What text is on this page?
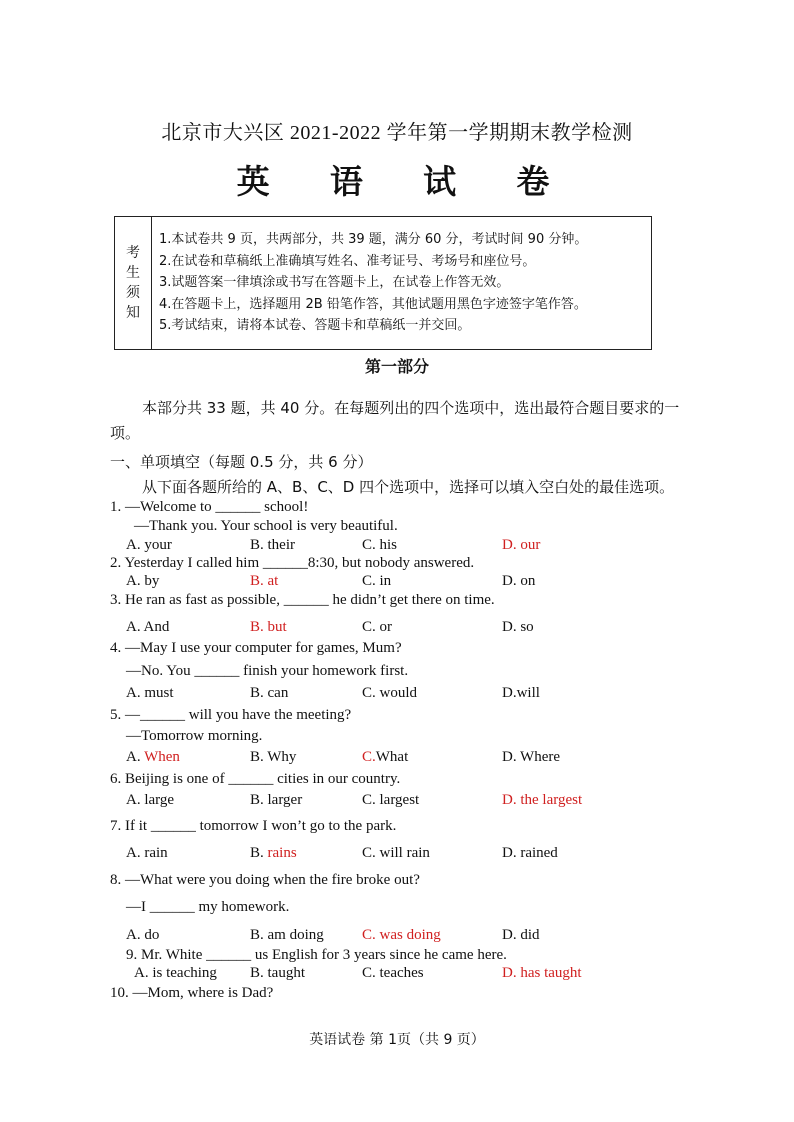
北京市大兴区 2021-2022 学年第一学期期末教学检测
英 语 试 卷
考
生
须
知
1.本试卷共 9 页，共两部分，共 39 题，满分 60 分，考试时间 90 分钟。
2.在试卷和草稿纸上准确填写姓名、准考证号、考场号和座位号。
3.试题答案一律填涂或书写在答题卡上，在试卷上作答无效。
4.在答题卡上，选择题用 2B 铅笔作答，其他试题用黑色字迹签字笔作答。
5.考试结束，请将本试卷、答题卡和草稿纸一并交回。
第一部分
本部分共 33 题，共 40 分。在每题列出的四个选项中，选出最符合题目要求的一项。
一、单项填空（每题 0.5 分，共 6 分）
从下面各题所给的 A、B、C、D 四个选项中，选择可以填入空白处的最佳选项。
1. —Welcome to ______ school!
—Thank you. Your school is very beautiful.
A. your	B. their	C. his	D. our
2. Yesterday I called him ______8:30, but nobody answered.
A. by	B. at	C. in	D. on
3. He ran as fast as possible, ______ he didn’t get there on time.
A. And	B. but	C. or	D. so
4. —May I use your computer for games, Mum?
—No. You ______ finish your homework first.
A. must	B. can	C. would	D.will
5. —______ will you have the meeting?
—Tomorrow morning.
A. When	B. Why	C.What	D. Where
6. Beijing is one of ______ cities in our country.
A. large	B. larger	C. largest	D. the largest
7. If it ______ tomorrow I won’t go to the park.
A. rain	B. rains	C. will rain	D. rained
8. —What were you doing when the fire broke out?
—I ______ my homework.
A. do	B. am doing	C. was doing	D. did
9. Mr. White ______ us English for 3 years since he came here.
A. is teaching B. taught	C. teaches	D. has taught
10. —Mom, where is Dad?
英语试卷 第 1页（共 9 页）
